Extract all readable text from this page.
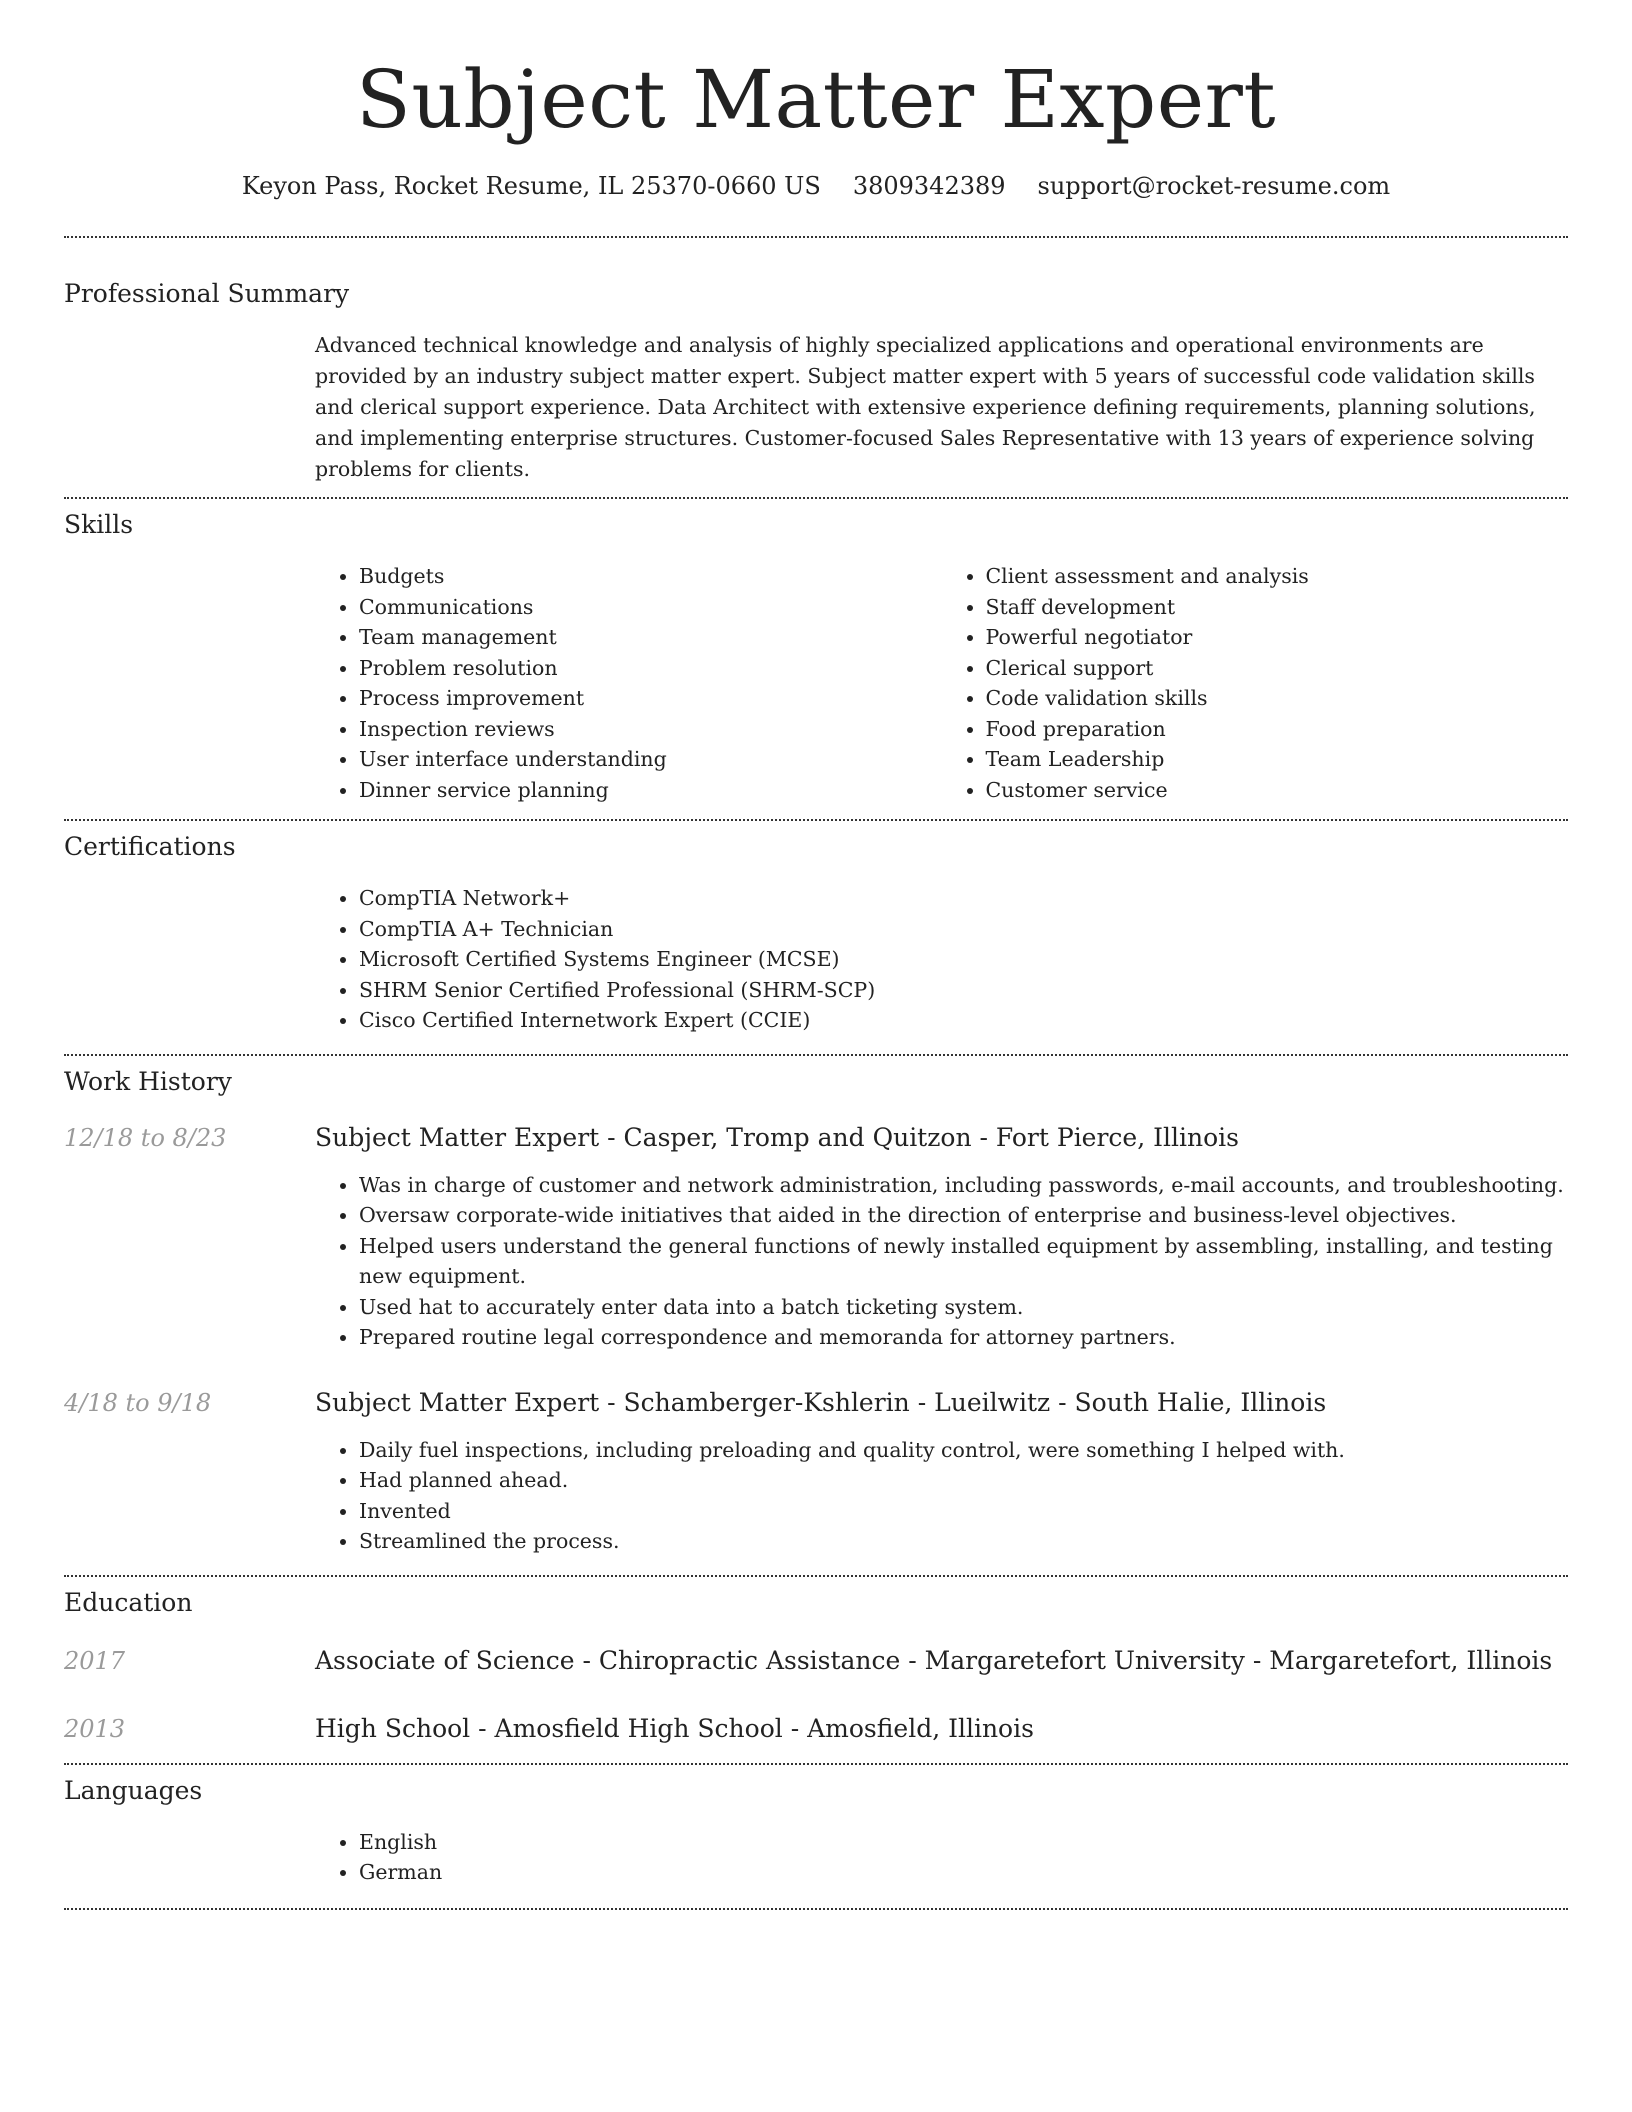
Subject Matter Expert
Keyon Pass, Rocket Resume, IL 25370-0660 US 3809342389 support@rocket-resume.com
Professional Summary

Advanced technical knowledge and analysis of highly specialized applications and operational environments are provided by an industry subject matter expert. Subject matter expert with 5 years of successful code validation skills and clerical support experience. Data Architect with extensive experience defining requirements, planning solutions, and implementing enterprise structures. Customer-focused Sales Representative with 13 years of experience solving problems for clients.

Skills
• Budgets
• Communications
• Team management
• Problem resolution
• Process improvement
• Inspection reviews
• User interface understanding
• Dinner service planning
• Client assessment and analysis
• Staff development
• Powerful negotiator
• Clerical support
• Code validation skills
• Food preparation
• Team Leadership
• Customer service
Certifications
• CompTIA Network+
• CompTIA A+ Technician
• Microsoft Certified Systems Engineer (MCSE)
• SHRM Senior Certified Professional (SHRM-SCP)
• Cisco Certified Internetwork Expert (CCIE)
Work History
12/18 to 8/23	Subject Matter Expert - Casper, Tromp and Quitzon - Fort Pierce, Illinois
• Was in charge of customer and network administration, including passwords, e-mail accounts, and troubleshooting.
• Oversaw corporate-wide initiatives that aided in the direction of enterprise and business-level objectives.
• Helped users understand the general functions of newly installed equipment by assembling, installing, and testing new equipment.
• Used hat to accurately enter data into a batch ticketing system.
• Prepared routine legal correspondence and memoranda for attorney partners.
4/18 to 9/18	Subject Matter Expert - Schamberger-Kshlerin - Lueilwitz - South Halie, Illinois
• Daily fuel inspections, including preloading and quality control, were something I helped with.
• Had planned ahead.
• Invented
• Streamlined the process.
Education
2017	Associate of Science - Chiropractic Assistance - Margaretefort University - Margaretefort, Illinois
2013	High School - Amosfield High School - Amosfield, Illinois
Languages
• English
• German
